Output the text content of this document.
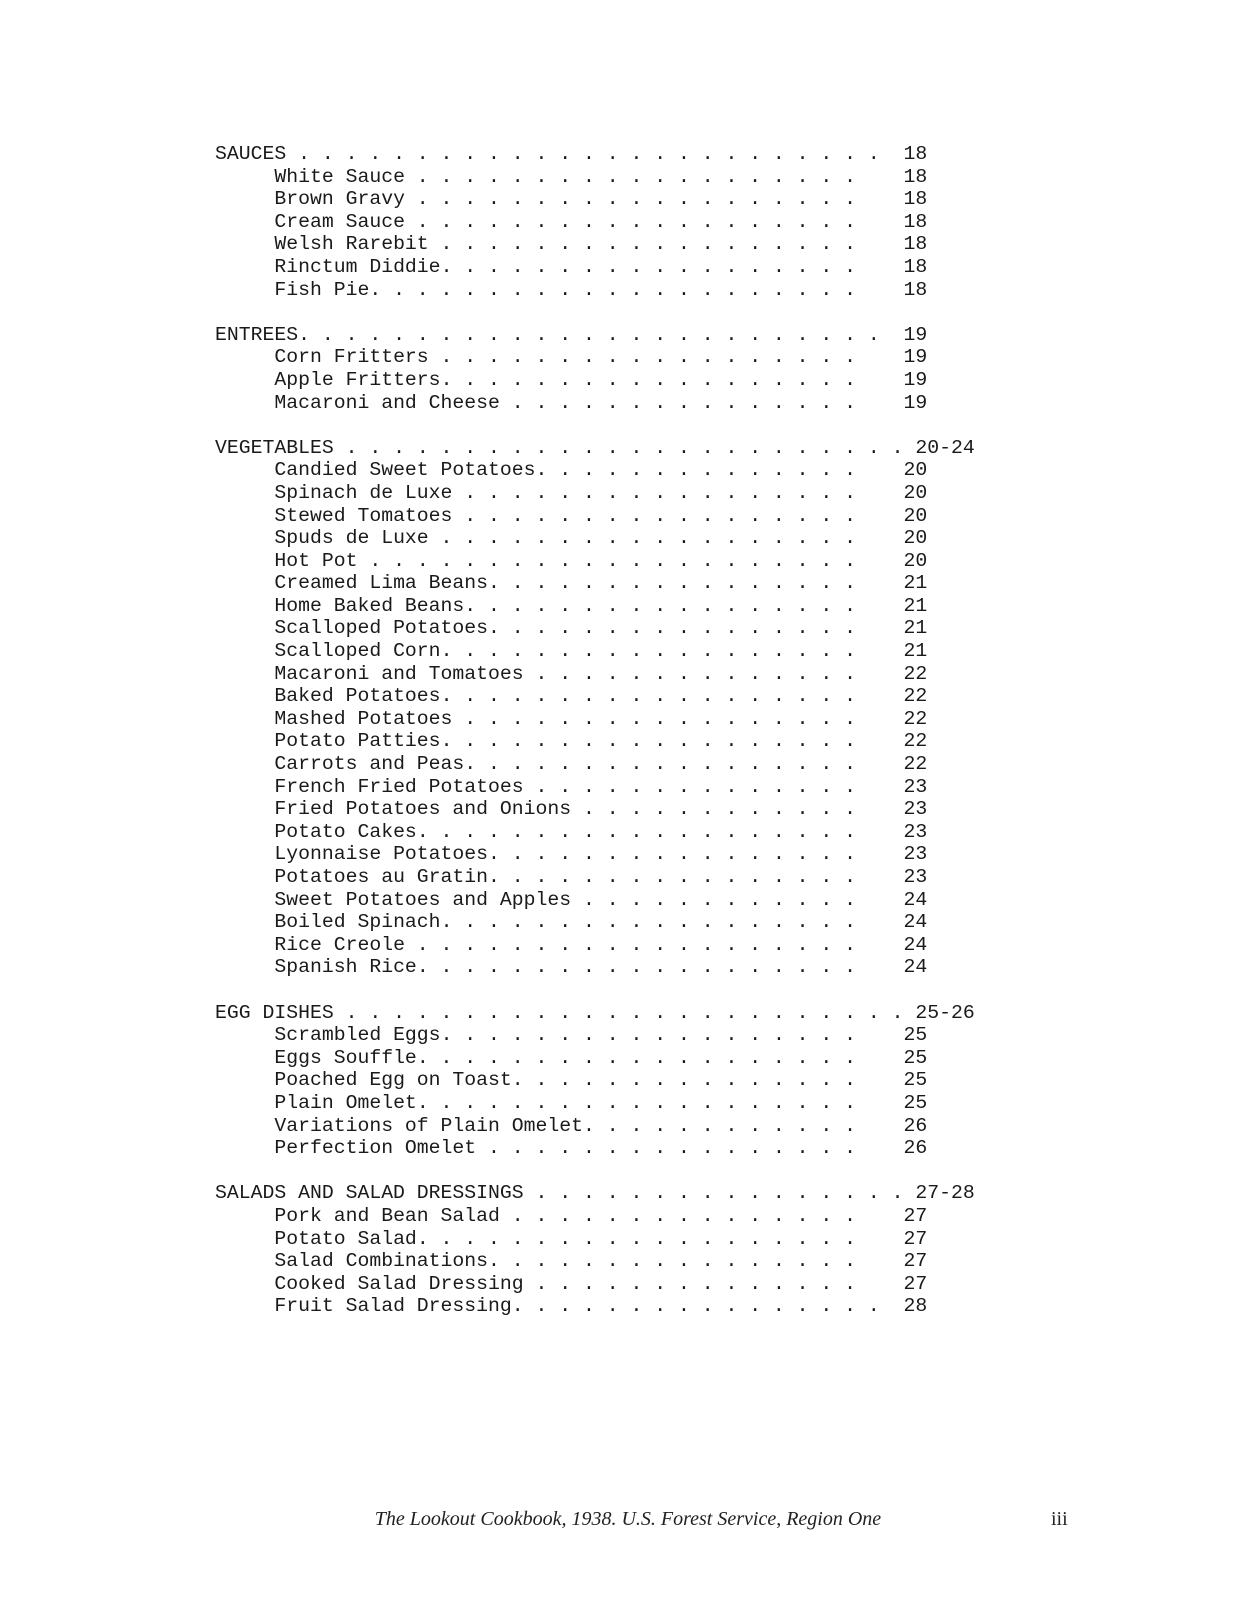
SAUCES . . . . . . . . . . . . . . . . . . . . . . . . . 18
White Sauce . . . . . . . . . . . . . . . . . . . 18
Brown Gravy . . . . . . . . . . . . . . . . . . . 18
Cream Sauce . . . . . . . . . . . . . . . . . . . 18
Welsh Rarebit . . . . . . . . . . . . . . . . . . 18
Rinctum Diddie. . . . . . . . . . . . . . . . . . 18
Fish Pie. . . . . . . . . . . . . . . . . . . . . 18
ENTREES. . . . . . . . . . . . . . . . . . . . . . . . . 19
Corn Fritters . . . . . . . . . . . . . . . . . . 19
Apple Fritters. . . . . . . . . . . . . . . . . . 19
Macaroni and Cheese . . . . . . . . . . . . . . . 19
VEGETABLES . . . . . . . . . . . . . . . . . . . . . . . . 20-24
Candied Sweet Potatoes. . . . . . . . . . . . . . 20
Spinach de Luxe . . . . . . . . . . . . . . . . . 20
Stewed Tomatoes . . . . . . . . . . . . . . . . . 20
Spuds de Luxe . . . . . . . . . . . . . . . . . . 20
Hot Pot . . . . . . . . . . . . . . . . . . . . . 20
Creamed Lima Beans. . . . . . . . . . . . . . . . 21
Home Baked Beans. . . . . . . . . . . . . . . . . 21
Scalloped Potatoes. . . . . . . . . . . . . . . . 21
Scalloped Corn. . . . . . . . . . . . . . . . . . 21
Macaroni and Tomatoes . . . . . . . . . . . . . . 22
Baked Potatoes. . . . . . . . . . . . . . . . . . 22
Mashed Potatoes . . . . . . . . . . . . . . . . . 22
Potato Patties. . . . . . . . . . . . . . . . . . 22
Carrots and Peas. . . . . . . . . . . . . . . . . 22
French Fried Potatoes . . . . . . . . . . . . . . 23
Fried Potatoes and Onions . . . . . . . . . . . . 23
Potato Cakes. . . . . . . . . . . . . . . . . . . 23
Lyonnaise Potatoes. . . . . . . . . . . . . . . . 23
Potatoes au Gratin. . . . . . . . . . . . . . . . 23
Sweet Potatoes and Apples . . . . . . . . . . . . 24
Boiled Spinach. . . . . . . . . . . . . . . . . . 24
Rice Creole . . . . . . . . . . . . . . . . . . . 24
Spanish Rice. . . . . . . . . . . . . . . . . . . 24
EGG DISHES . . . . . . . . . . . . . . . . . . . . . . . . 25-26
Scrambled Eggs. . . . . . . . . . . . . . . . . . 25
Eggs Souffle. . . . . . . . . . . . . . . . . . . 25
Poached Egg on Toast. . . . . . . . . . . . . . . 25
Plain Omelet. . . . . . . . . . . . . . . . . . . 25
Variations of Plain Omelet. . . . . . . . . . . . 26
Perfection Omelet . . . . . . . . . . . . . . . . 26
SALADS AND SALAD DRESSINGS . . . . . . . . . . . . . . . . 27-28
Pork and Bean Salad . . . . . . . . . . . . . . . 27
Potato Salad. . . . . . . . . . . . . . . . . . . 27
Salad Combinations. . . . . . . . . . . . . . . . 27
Cooked Salad Dressing . . . . . . . . . . . . . . 27
Fruit Salad Dressing. . . . . . . . . . . . . . . . 28
The Lookout Cookbook, 1938. U.S. Forest Service, Region One	iii
